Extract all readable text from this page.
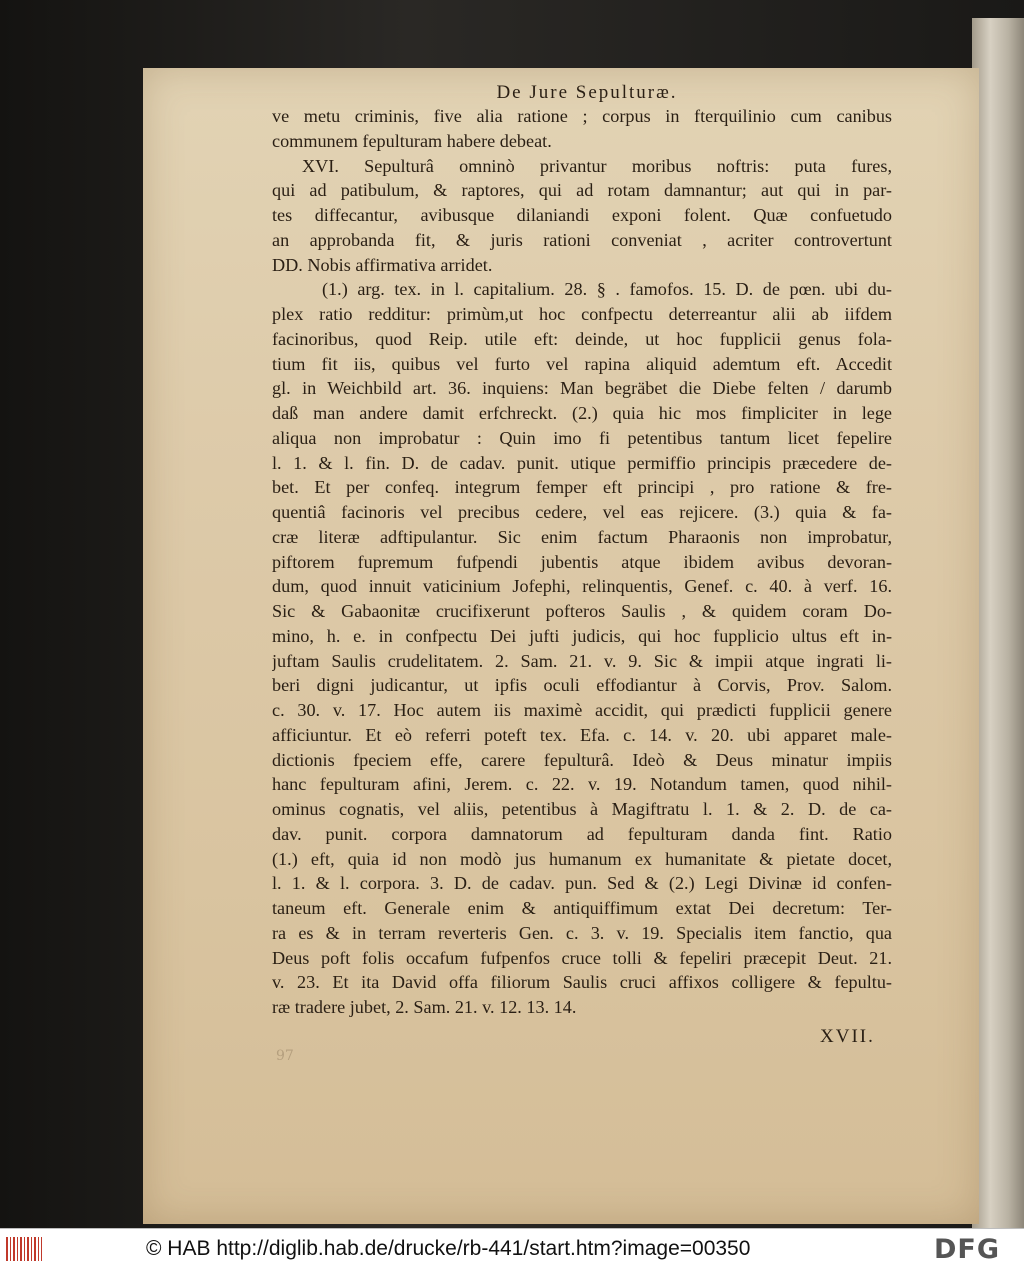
De Jure Sepulturæ.
ve metu criminis, five alia ratione ; corpus in fterquilinio cum canibus
communem fepulturam habere debeat.
XVI. Sepulturâ omninò privantur moribus noftris: puta fures,
qui ad patibulum, & raptores, qui ad rotam damnantur; aut qui in par-
tes diffecantur, avibusque dilaniandi exponi folent. Quæ confuetudo
an approbanda fit, & juris rationi conveniat , acriter controvertunt
DD. Nobis affirmativa arridet.
(1.) arg. tex. in l. capitalium. 28. § . famofos. 15. D. de pœn. ubi du-
plex ratio redditur: primùm,ut hoc confpectu deterreantur alii ab iifdem
facinoribus, quod Reip. utile eft: deinde, ut hoc fupplicii genus fola-
tium fit iis, quibus vel furto vel rapina aliquid ademtum eft. Accedit
gl. in Weichbild art. 36. inquiens: Man begräbet die Diebe felten / darumb
daß man andere damit erfchreckt. (2.) quia hic mos fimpliciter in lege
aliqua non improbatur : Quin imo fi petentibus tantum licet fepelire
l. 1. & l. fin. D. de cadav. punit. utique permiffio principis præcedere de-
bet. Et per confeq. integrum femper eft principi , pro ratione & fre-
quentiâ facinoris vel precibus cedere, vel eas rejicere. (3.) quia & fa-
cræ literæ adftipulantur. Sic enim factum Pharaonis non improbatur,
piftorem fupremum fufpendi jubentis atque ibidem avibus devoran-
dum, quod innuit vaticinium Jofephi, relinquentis, Genef. c. 40. à verf. 16.
Sic & Gabaonitæ crucifixerunt pofteros Saulis , & quidem coram Do-
mino, h. e. in confpectu Dei jufti judicis, qui hoc fupplicio ultus eft in-
juftam Saulis crudelitatem. 2. Sam. 21. v. 9. Sic & impii atque ingrati li-
beri digni judicantur, ut ipfis oculi effodiantur à Corvis, Prov. Salom.
c. 30. v. 17. Hoc autem iis maximè accidit, qui prædicti fupplicii genere
afficiuntur. Et eò referri poteft tex. Efa. c. 14. v. 20. ubi apparet male-
dictionis fpeciem effe, carere fepulturâ. Ideò & Deus minatur impiis
hanc fepulturam afini, Jerem. c. 22. v. 19. Notandum tamen, quod nihil-
ominus cognatis, vel aliis, petentibus à Magiftratu l. 1. & 2. D. de ca-
dav. punit. corpora damnatorum ad fepulturam danda fint. Ratio
(1.) eft, quia id non modò jus humanum ex humanitate & pietate docet,
l. 1. & l. corpora. 3. D. de cadav. pun. Sed & (2.) Legi Divinæ id confen-
taneum eft. Generale enim & antiquiffimum extat Dei decretum: Ter-
ra es & in terram reverteris Gen. c. 3. v. 19. Specialis item fanctio, qua
Deus poft folis occafum fufpenfos cruce tolli & fepeliri præcepit Deut. 21.
v. 23. Et ita David offa filiorum Saulis cruci affixos colligere & fepultu-
ræ tradere jubet, 2. Sam. 21. v. 12. 13. 14.
XVII.
97
© HAB http://diglib.hab.de/drucke/rb-441/start.htm?image=00350	DFG
